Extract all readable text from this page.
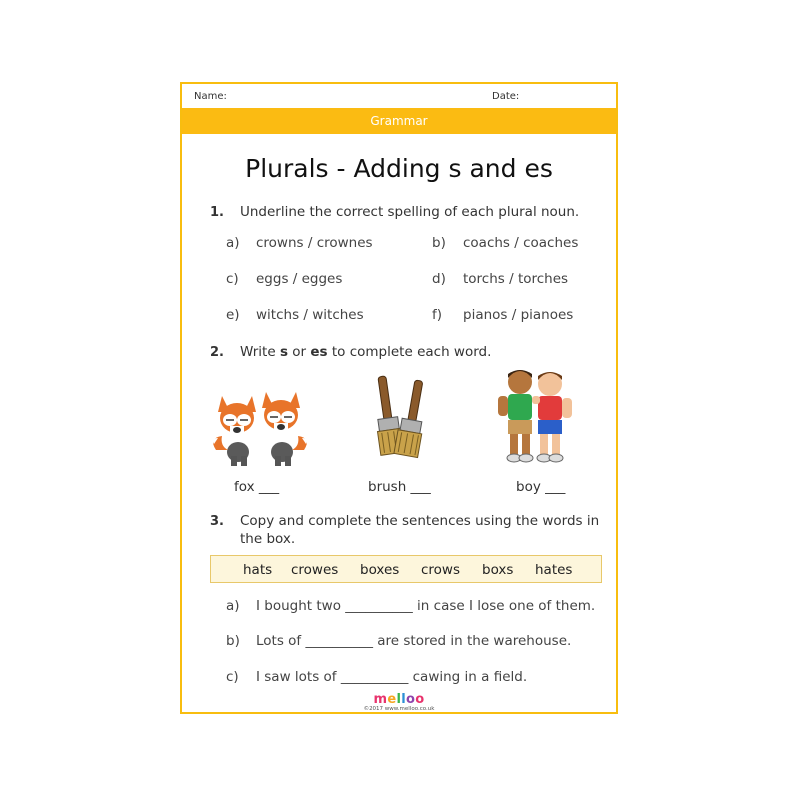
Name:	Date:
Grammar
Plurals - Adding s and es
1. Underline the correct spelling of each plural noun.
a) crowns / crownes	b) coachs / coaches
c) eggs / egges	d) torchs / torches
e) witchs / witches	f) pianos / pianoes
2. Write s or es to complete each word.
fox ___	brush ___	boy ___
3. Copy and complete the sentences using the words in
the box.
hats crowes boxes crows boxs hates
a) I bought two __________ in case I lose one of them.
b) Lots of __________ are stored in the warehouse.
c) I saw lots of __________ cawing in a field.
melloo
©2017 www.melloo.co.uk
